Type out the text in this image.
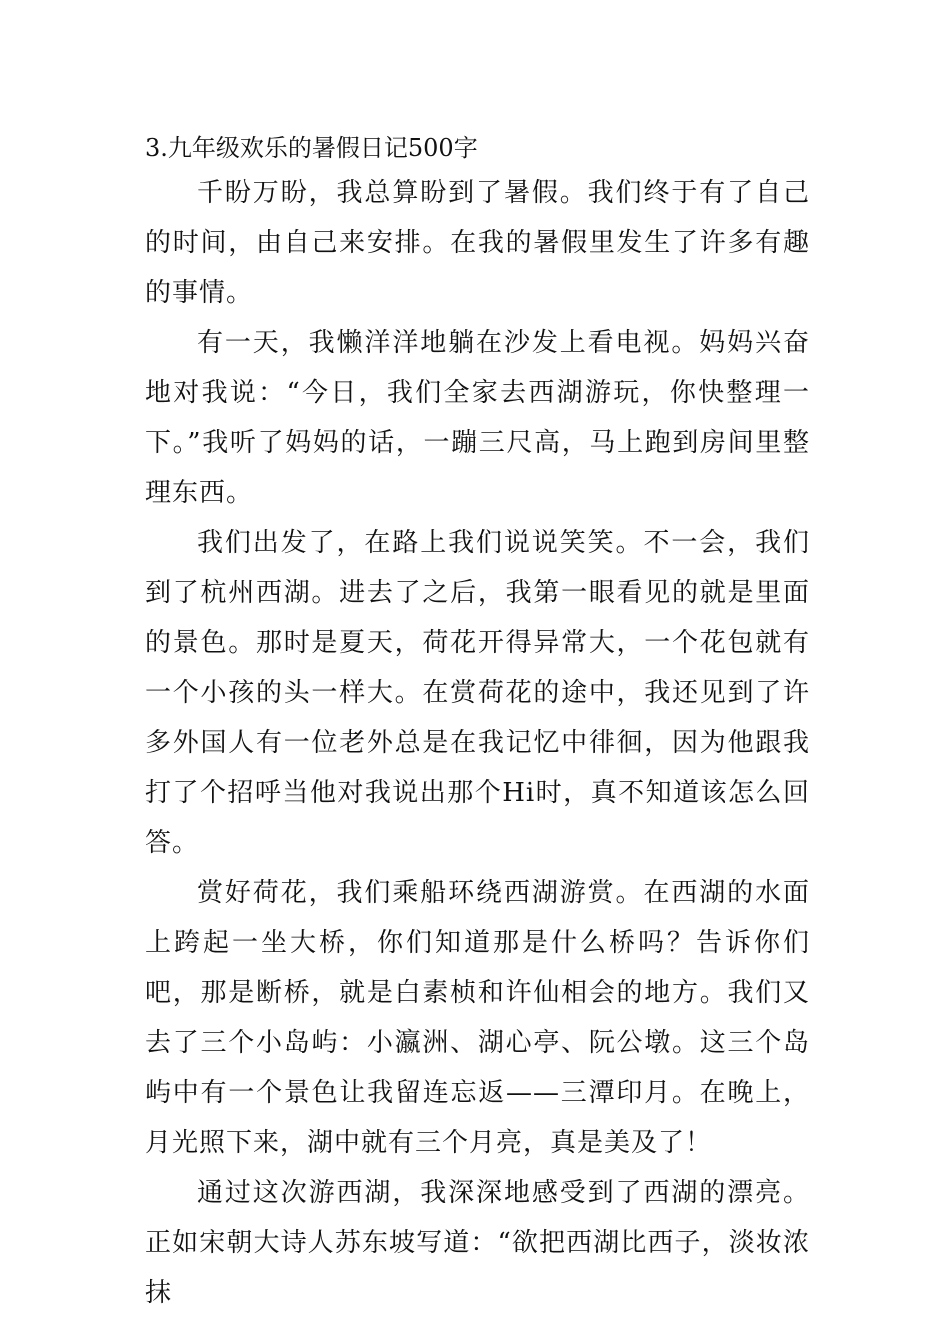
3.九年级欢乐的暑假日记500字

千盼万盼，我总算盼到了暑假。我们终于有了自己的时间，由自己来安排。在我的暑假里发生了许多有趣的事情。

有一天，我懒洋洋地躺在沙发上看电视。妈妈兴奋地对我说：“今日，我们全家去西湖游玩，你快整理一下。”我听了妈妈的话，一蹦三尺高，马上跑到房间里整理东西。

我们出发了，在路上我们说说笑笑。不一会，我们到了杭州西湖。进去了之后，我第一眼看见的就是里面的景色。那时是夏天，荷花开得异常大，一个花包就有一个小孩的头一样大。在赏荷花的途中，我还见到了许多外国人有一位老外总是在我记忆中徘徊，因为他跟我打了个招呼当他对我说出那个Hi时，真不知道该怎么回答。

赏好荷花，我们乘船环绕西湖游赏。在西湖的水面上跨起一坐大桥，你们知道那是什么桥吗？告诉你们吧，那是断桥，就是白素桢和许仙相会的地方。我们又去了三个小岛屿：小瀛洲、湖心亭、阮公墩。这三个岛屿中有一个景色让我留连忘返——三潭印月。在晚上，月光照下来，湖中就有三个月亮，真是美及了！

通过这次游西湖，我深深地感受到了西湖的漂亮。正如宋朝大诗人苏东坡写道：“欲把西湖比西子，淡妆浓抹
